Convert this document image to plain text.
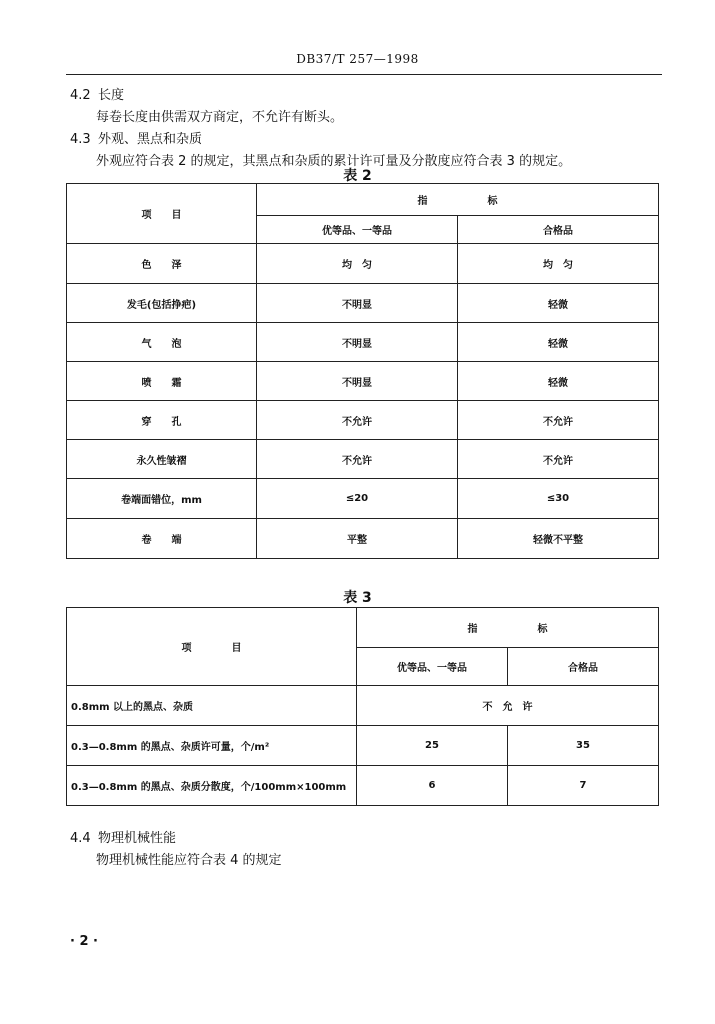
DB37/T 257—1998
4.2 长度
每卷长度由供需双方商定，不允许有断头。
4.3 外观、黑点和杂质
外观应符合表 2 的规定，其黑点和杂质的累计许可量及分散度应符合表 3 的规定。
表 2
项　　目	指　　　　　　标	
	优等品、一等品	合格品
色　　泽	均　匀	均　匀
发毛(包括挣疤)	不明显	轻微
气　　泡	不明显	轻微
喷　　霜	不明显	轻微
穿　　孔	不允许	不允许
永久性皱褶	不允许	不允许
卷端面错位，mm	≤20	≤30
卷　　端	平整	轻微不平整
表 3
项　　　　目	指　　　　　　标	
	优等品、一等品	合格品
0.8mm 以上的黑点、杂质	不　允　许	
0.3—0.8mm 的黑点、杂质许可量，个/m²	25	35
0.3—0.8mm 的黑点、杂质分散度，个/100mm×100mm	6	7
4.4 物理机械性能
物理机械性能应符合表 4 的规定
· 2 ·
